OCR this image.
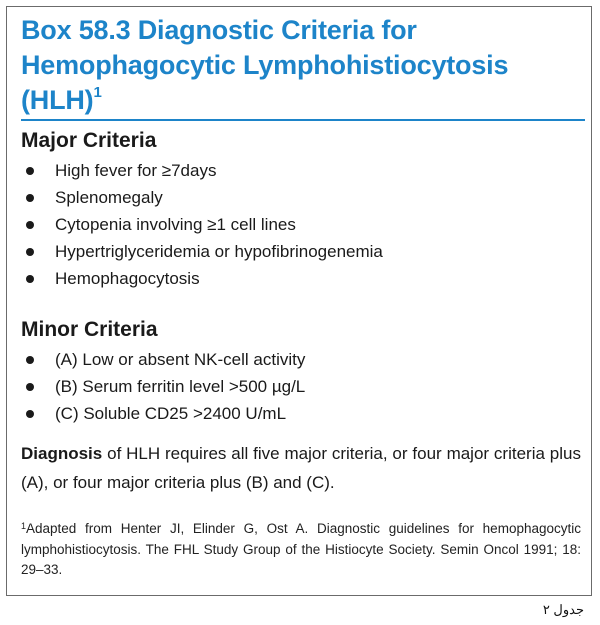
Box 58.3 Diagnostic Criteria for Hemophagocytic Lymphohistiocytosis (HLH)$^1$
Major Criteria
High fever for ≥7days
Splenomegaly
Cytopenia involving ≥1 cell lines
Hypertriglyceridemia or hypofibrinogenemia
Hemophagocytosis
Minor Criteria
(A) Low or absent NK-cell activity
(B) Serum ferritin level >500 µg/L
(C) Soluble CD25 >2400 U/mL
Diagnosis of HLH requires all five major criteria, or four major criteria plus (A), or four major criteria plus (B) and (C).
$^1$Adapted from Henter JI, Elinder G, Ost A. Diagnostic guidelines for hemophagocytic lymphohistiocytosis. The FHL Study Group of the Histiocyte Society. Semin Oncol 1991; 18: 29–33.
جدول ۲
